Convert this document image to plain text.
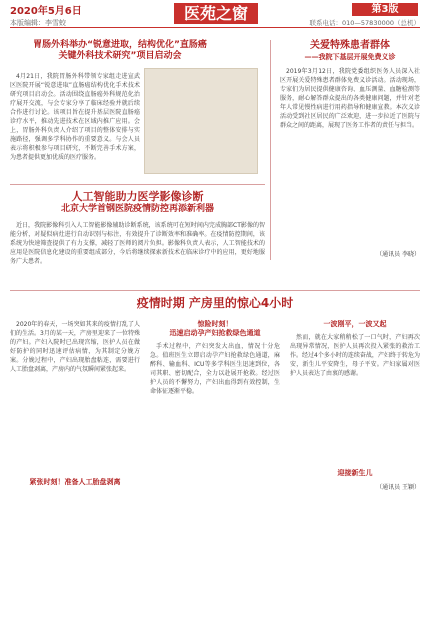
2020年5月6日
本版编辑：李雪蛟	医苑之窗	第3版
联系电话：010—57830000（总机）
胃肠外科举办“锐意进取，结构优化”直肠癌
关键外科技术研究”项目启动会
4月21日，我院胃肠外科带领专家组走进宣武区医院开展“锐意进取”直肠癌结构优化手术技术研究项目启动会。活动围绕直肠癌外科规范化治疗展开交流，与会专家分享了临床经验并就后续合作进行讨论。该项目旨在提升基层医院直肠癌诊疗水平，推动先进技术在区域内推广应用。会上，胃肠外科负责人介绍了项目的整体安排与实施路径，强调多学科协作的重要意义。与会人员表示将积极参与项目研究，不断完善手术方案，为患者提供更加优质的医疗服务。
关爱特殊患者群体
——我院下基层开展免费义诊
2019年3月12日，我院党委组织医务人员深入社区开展关爱特殊患者群体免费义诊活动。活动现场，专家们为居民提供健康咨询、血压测量、血糖检测等服务，耐心解答群众提出的各类健康问题，并针对老年人常见慢性病进行用药指导和健康宣教。本次义诊活动受到社区居民的广泛欢迎，进一步拉近了医院与群众之间的距离，展现了医务工作者的责任与担当。
（通讯员 李晓）
人工智能助力医学影像诊断
北京大学首钢医院疫情防控再添新利器
近日，我院影像科引入人工智能影像辅助诊断系统，该系统可在短时间内完成胸部CT影像的智能分析，对疑似病灶进行自动识别与标注，有效提升了诊断效率和准确率。在疫情防控期间，该系统为快速筛查提供了有力支撑，减轻了医师的阅片负担。影像科负责人表示，人工智能技术的应用是医院信息化建设的重要组成部分，今后将继续探索新技术在临床诊疗中的应用，更好地服务广大患者。
疫情时期 产房里的惊心4小时
2020年的春天，一场突如其来的疫情打乱了人们的生活。3月的某一天，产房里迎来了一位特殊的产妇。产妇入院时已出现宫缩，医护人员在做好防护的同时迅速评估病情，为其制定分娩方案。分娩过程中，产妇出现胎盘粘连，需要进行人工胎盘剥离，产房内的气氛瞬间紧张起来。
紧张时刻！准备人工胎盘剥离
惊险时刻！
迅速启动孕产妇抢救绿色通道
手术过程中，产妇突发大出血，情况十分危急。值班医生立即启动孕产妇抢救绿色通道，麻醉科、输血科、ICU等多学科医生迅速到位，各司其职、密切配合，全力以赴展开抢救。经过医护人员的不懈努力，产妇出血得到有效控制，生命体征逐渐平稳。
一波刚平，一波又起
然而，就在大家稍稍松了一口气时，产妇再次出现异常情况，医护人员再次投入紧张的救治工作。经过4个多小时的连续奋战，产妇终于转危为安，新生儿平安降生，母子平安。产妇家属对医护人员表达了由衷的感谢。
迎接新生儿
（通讯员 王颖）
